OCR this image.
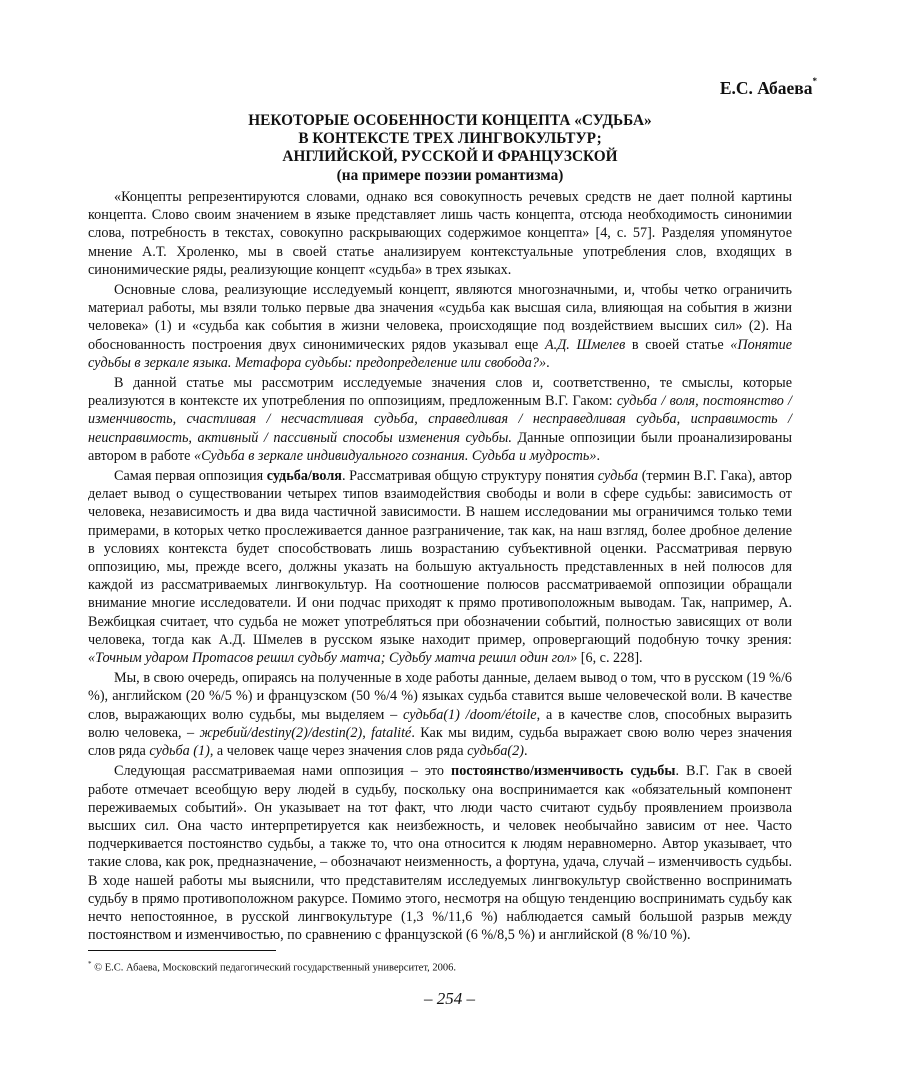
Е.С. Абаева*
НЕКОТОРЫЕ ОСОБЕННОСТИ КОНЦЕПТА «СУДЬБА»
В КОНТЕКСТЕ ТРЕХ ЛИНГВОКУЛЬТУР;
АНГЛИЙСКОЙ, РУССКОЙ И ФРАНЦУЗСКОЙ
(на примере поэзии романтизма)

«Концепты репрезентируются словами, однако вся совокупность речевых средств не дает полной картины концепта. Слово своим значением в языке представляет лишь часть концепта, отсюда необходимость синонимии слова, потребность в текстах, совокупно раскрывающих содержимое концепта» [4, с. 57]. Разделяя упомянутое мнение А.Т. Хроленко, мы в своей статье анализируем контекстуальные употребления слов, входящих в синонимические ряды, реализующие концепт «судьба» в трех языках.

Основные слова, реализующие исследуемый концепт, являются многозначными, и, чтобы четко ограничить материал работы, мы взяли только первые два значения «судьба как высшая сила, влияющая на события в жизни человека» (1) и «судьба как события в жизни человека, происходящие под воздействием высших сил» (2). На обоснованность построения двух синонимических рядов указывал еще А.Д. Шмелев в своей статье «Понятие судьбы в зеркале языка. Метафора судьбы: предопределение или свобода?».

В данной статье мы рассмотрим исследуемые значения слов и, соответственно, те смыслы, которые реализуются в контексте их употребления по оппозициям, предложенным В.Г. Гаком: судьба / воля, постоянство / изменчивость, счастливая / несчастливая судьба, справедливая / несправедливая судьба, исправимость / неисправимость, активный / пассивный способы изменения судьбы. Данные оппозиции были проанализированы автором в работе «Судьба в зеркале индивидуального сознания. Судьба и мудрость».

Самая первая оппозиция судьба/воля. Рассматривая общую структуру понятия судьба (термин В.Г. Гака), автор делает вывод о существовании четырех типов взаимодействия свободы и воли в сфере судьбы: зависимость от человека, независимость и два вида частичной зависимости. В нашем исследовании мы ограничимся только теми примерами, в которых четко прослеживается данное разграничение, так как, на наш взгляд, более дробное деление в условиях контекста будет способствовать лишь возрастанию субъективной оценки. Рассматривая первую оппозицию, мы, прежде всего, должны указать на большую актуальность представленных в ней полюсов для каждой из рассматриваемых лингвокультур. На соотношение полюсов рассматриваемой оппозиции обращали внимание многие исследователи. И они подчас приходят к прямо противоположным выводам. Так, например, А. Вежбицкая считает, что судьба не может употребляться при обозначении событий, полностью зависящих от воли человека, тогда как А.Д. Шмелев в русском языке находит пример, опровергающий подобную точку зрения: «Точным ударом Протасов решил судьбу матча; Судьбу матча решил один гол» [6, с. 228].

Мы, в свою очередь, опираясь на полученные в ходе работы данные, делаем вывод о том, что в русском (19 %/6 %), английском (20 %/5 %) и французском (50 %/4 %) языках судьба ставится выше человеческой воли. В качестве слов, выражающих волю судьбы, мы выделяем – судьба(1) /doom/étoile, а в качестве слов, способных выразить волю человека, – жребий/destiny(2)/destin(2), fatalité. Как мы видим, судьба выражает свою волю через значения слов ряда судьба (1), а человек чаще через значения слов ряда судьба(2).

Следующая рассматриваемая нами оппозиция – это постоянство/изменчивость судьбы. В.Г. Гак в своей работе отмечает всеобщую веру людей в судьбу, поскольку она воспринимается как «обязательный компонент переживаемых событий». Он указывает на тот факт, что люди часто считают судьбу проявлением произвола высших сил. Она часто интерпретируется как неизбежность, и человек необычайно зависим от нее. Часто подчеркивается постоянство судьбы, а также то, что она относится к людям неравномерно. Автор указывает, что такие слова, как рок, предназначение, – обозначают неизменность, а фортуна, удача, случай – изменчивость судьбы. В ходе нашей работы мы выяснили, что представителям исследуемых лингвокультур свойственно воспринимать судьбу в прямо противоположном ракурсе. Помимо этого, несмотря на общую тенденцию воспринимать судьбу как нечто непостоянное, в русской лингвокультуре (1,3 %/11,6 %) наблюдается самый большой разрыв между постоянством и изменчивостью, по сравнению с французской (6 %/8,5 %) и английской (8 %/10 %).

* © Е.С. Абаева, Московский педагогический государственный университет, 2006.
– 254 –
